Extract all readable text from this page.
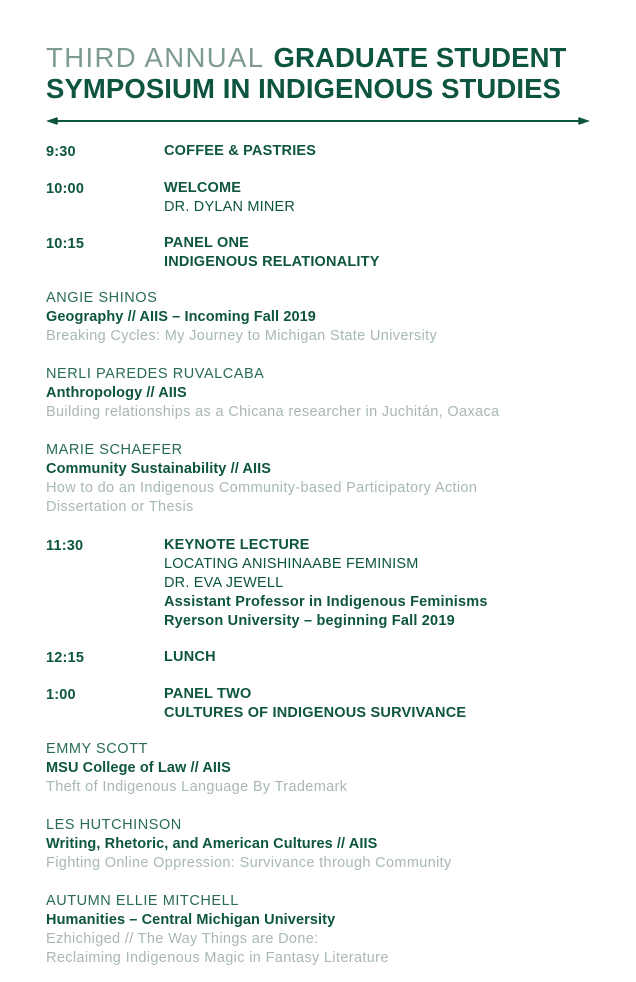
THIRD ANNUAL GRADUATE STUDENT
SYMPOSIUM IN INDIGENOUS STUDIES
9:30	COFFEE & PASTRIES
10:00	WELCOME
DR. DYLAN MINER
10:15	PANEL ONE
INDIGENOUS RELATIONALITY
ANGIE SHINOS
Geography // AIIS – Incoming Fall 2019
Breaking Cycles: My Journey to Michigan State University
NERLI PAREDES RUVALCABA
Anthropology // AIIS
Building relationships as a Chicana researcher in Juchitán, Oaxaca
MARIE SCHAEFER
Community Sustainability // AIIS
How to do an Indigenous Community-based Participatory Action
Dissertation or Thesis
11:30	KEYNOTE LECTURE
LOCATING ANISHINAABE FEMINISM
DR. EVA JEWELL
Assistant Professor in Indigenous Feminisms
Ryerson University – beginning Fall 2019
12:15	LUNCH
1:00	PANEL TWO
CULTURES OF INDIGENOUS SURVIVANCE
EMMY SCOTT
MSU College of Law // AIIS
Theft of Indigenous Language By Trademark
LES HUTCHINSON
Writing, Rhetoric, and American Cultures // AIIS
Fighting Online Oppression: Survivance through Community
AUTUMN ELLIE MITCHELL
Humanities – Central Michigan University
Ezhichiged // The Way Things are Done:
Reclaiming Indigenous Magic in Fantasy Literature
